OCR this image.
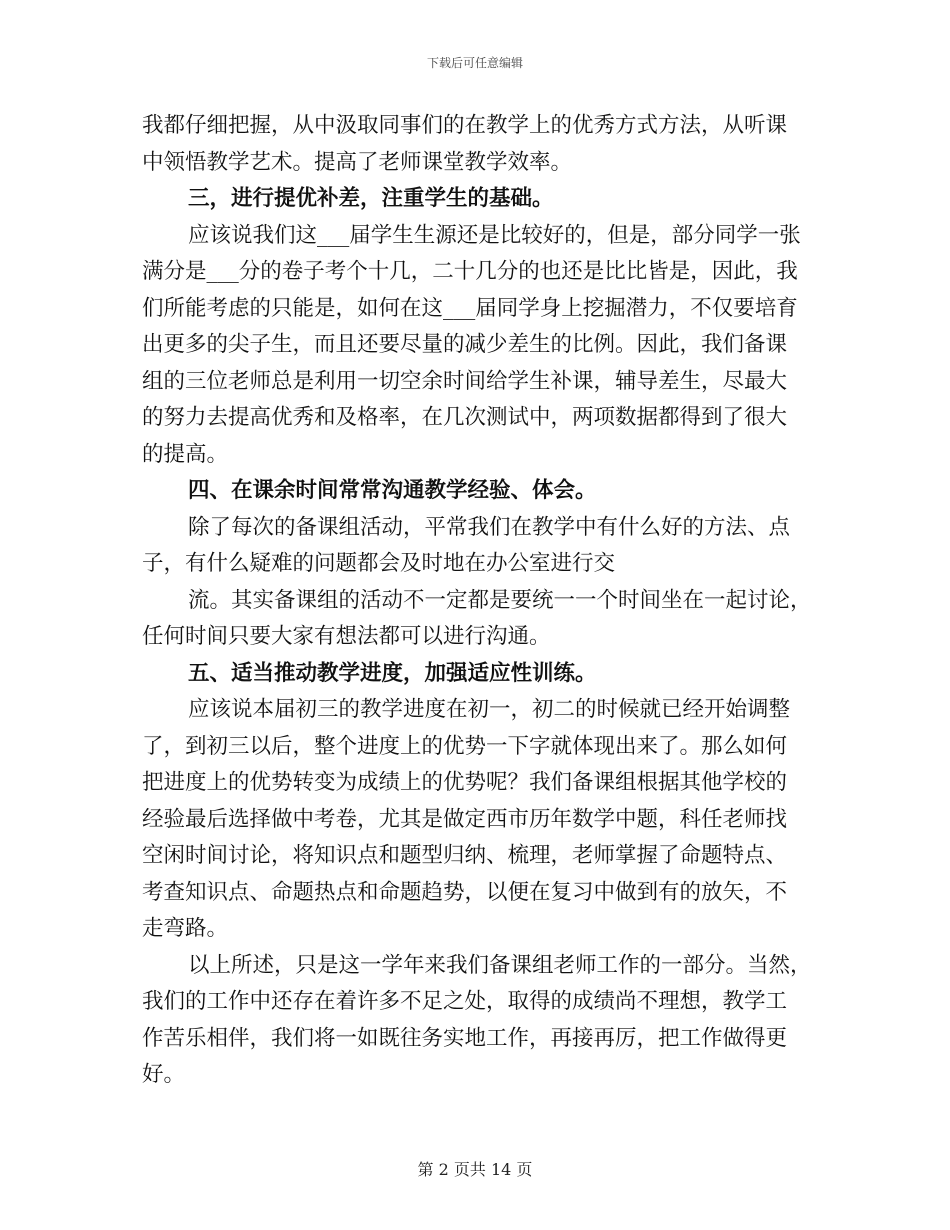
下载后可任意编辑
我都仔细把握，从中汲取同事们的在教学上的优秀方式方法，从听课
中领悟教学艺术。提高了老师课堂教学效率。
三，进行提优补差，注重学生的基础。
应该说我们这___届学生生源还是比较好的，但是，部分同学一张
满分是___分的卷子考个十几，二十几分的也还是比比皆是，因此，我
们所能考虑的只能是，如何在这___届同学身上挖掘潜力，不仅要培育
出更多的尖子生，而且还要尽量的减少差生的比例。因此，我们备课
组的三位老师总是利用一切空余时间给学生补课，辅导差生，尽最大
的努力去提高优秀和及格率，在几次测试中，两项数据都得到了很大
的提高。
四、在课余时间常常沟通教学经验、体会。
除了每次的备课组活动，平常我们在教学中有什么好的方法、点
子，有什么疑难的问题都会及时地在办公室进行交
流。其实备课组的活动不一定都是要统一一个时间坐在一起讨论，
任何时间只要大家有想法都可以进行沟通。
五、适当推动教学进度，加强适应性训练。
应该说本届初三的教学进度在初一，初二的时候就已经开始调整
了，到初三以后，整个进度上的优势一下字就体现出来了。那么如何
把进度上的优势转变为成绩上的优势呢？我们备课组根据其他学校的
经验最后选择做中考卷，尤其是做定西市历年数学中题，科任老师找
空闲时间讨论，将知识点和题型归纳、梳理，老师掌握了命题特点、
考查知识点、命题热点和命题趋势，以便在复习中做到有的放矢，不
走弯路。
以上所述，只是这一学年来我们备课组老师工作的一部分。当然，
我们的工作中还存在着许多不足之处，取得的成绩尚不理想，教学工
作苦乐相伴，我们将一如既往务实地工作，再接再厉，把工作做得更
好。
第 2 页共 14 页
